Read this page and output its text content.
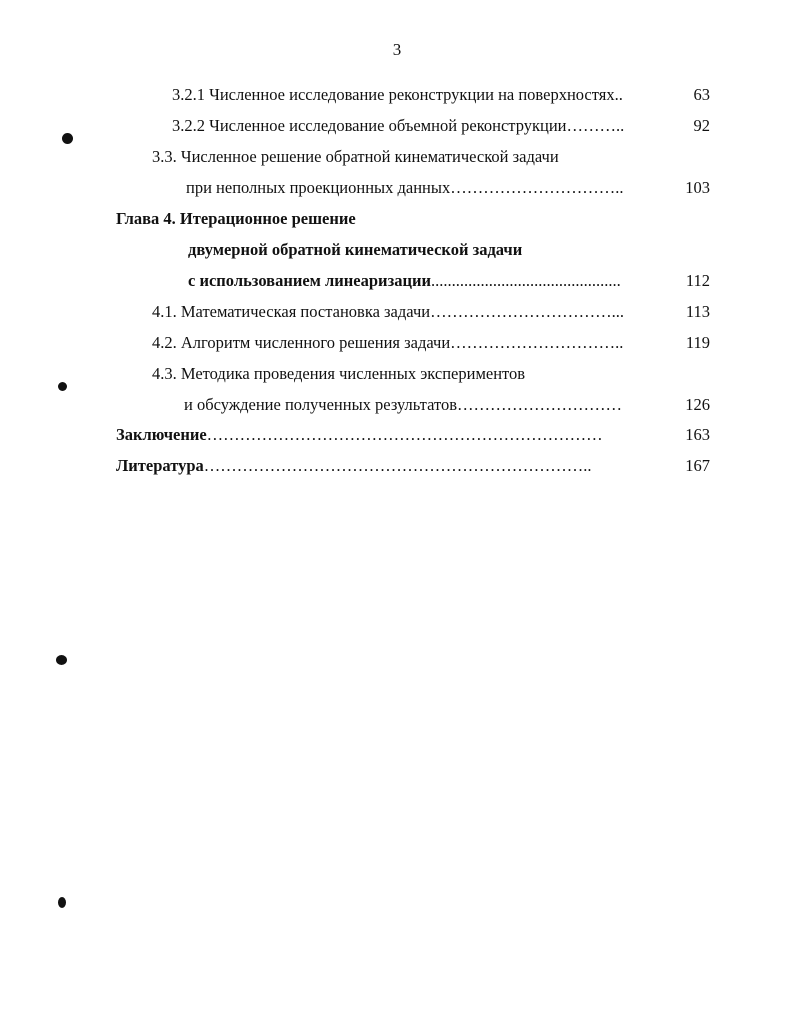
3
3.2.1 Численное исследование реконструкции на поверхностях ..	63
3.2.2 Численное исследование объемной реконструкции ………..	92
3.3. Численное решение обратной кинематической задачи
при неполных проекционных данных …………………………..	103
Глава 4. Итерационное решение
двумерной обратной кинематической задачи
с использованием линеаризации ..............................................	112
4.1. Математическая постановка задачи ……………………………...	113
4.2. Алгоритм численного решения задачи …………………………..	119
4.3. Методика проведения численных экспериментов
и обсуждение полученных результатов …………………………	126
Заключение ………………………………………………………………	163
Литература ……………………………………………………………..	167
